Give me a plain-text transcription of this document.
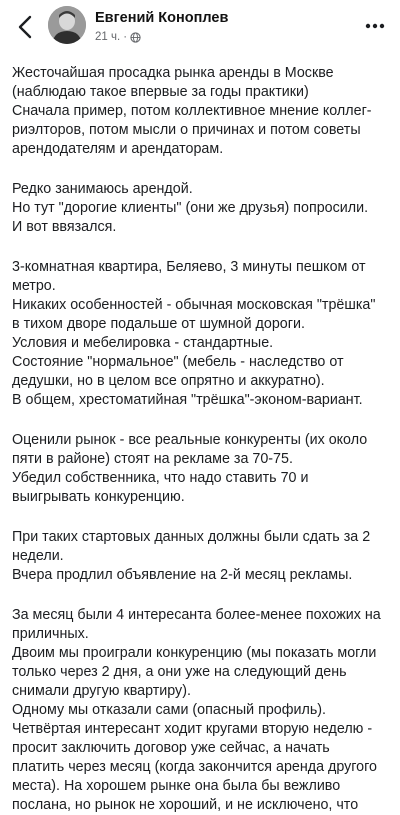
Евгений Коноплев
21 ч. ·

Жесточайшая просадка рынка аренды в Москве
(наблюдаю такое впервые за годы практики)
Сначала пример, потом коллективное мнение коллег-
риэлторов, потом мысли о причинах и потом советы
арендодателям и арендаторам.

Редко занимаюсь арендой.
Но тут "дорогие клиенты" (они же друзья) попросили.
И вот ввязался.

3-комнатная квартира, Беляево, 3 минуты пешком от
метро.
Никаких особенностей - обычная московская "трёшка"
в тихом дворе подальше от шумной дороги.
Условия и мебелировка - стандартные.
Состояние "нормальное" (мебель - наследство от
дедушки, но в целом все опрятно и аккуратно).
В общем, хрестоматийная "трёшка"-эконом-вариант.

Оценили рынок - все реальные конкуренты (их около
пяти в районе) стоят на рекламе за 70-75.
Убедил собственника, что надо ставить 70 и
выигрывать конкуренцию.

При таких стартовых данных должны были сдать за 2
недели.
Вчера продлил объявление на 2-й месяц рекламы.

За месяц были 4 интересанта более-менее похожих на
приличных.
Двоим мы проиграли конкуренцию (мы показать могли
только через 2 дня, а они уже на следующий день
снимали другую квартиру).
Одному мы отказали сами (опасный профиль).
Четвёртая интересант ходит кругами вторую неделю -
просит заключить договор уже сейчас, а начать
платить через месяц (когда закончится аренда другого
места). На хорошем рынке она была бы вежливо
послана, но рынок не хороший, и не исключено, что
